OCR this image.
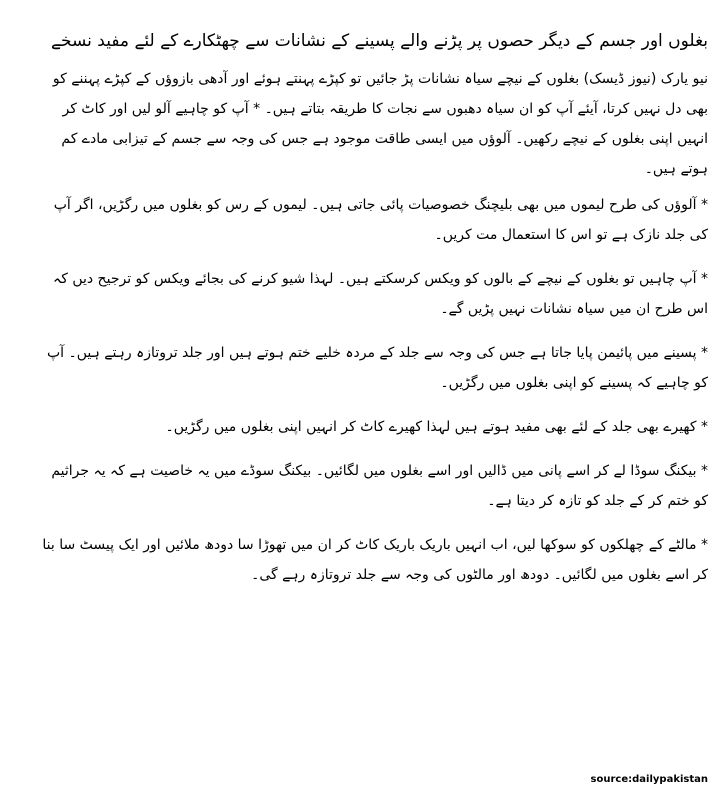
بغلوں اور جسم کے دیگر حصوں پر پڑنے والے پسینے کے نشانات سے چھٹکارے کے لئے مفید نسخے
نیو یارک (نیوز ڈیسک) بغلوں کے نیچے سیاہ نشانات پڑ جائیں تو کپڑے پہنتے ہوئے اور آدھی بازوؤں کے کپڑے پہننے کو بھی دل نہیں کرتا، آیئے آپ کو ان سیاہ دھبوں سے نجات کا طریقہ بتاتے ہیں۔ * آپ کو چاہیے آلو لیں اور کاٹ کر انہیں اپنی بغلوں کے نیچے رکھیں۔ آلوؤں میں ایسی طاقت موجود ہے جس کی وجہ سے جسم کے تیزابی مادے کم ہوتے ہیں۔
* آلوؤں کی طرح لیموں میں بھی بلیچنگ خصوصیات پائی جاتی ہیں۔ لیموں کے رس کو بغلوں میں رگڑیں، اگر آپ کی جلد نازک ہے تو اس کا استعمال مت کریں۔
* آپ چاہیں تو بغلوں کے نیچے کے بالوں کو ویکس کرسکتے ہیں۔ لہذا شیو کرنے کی بجائے ویکس کو ترجیح دیں کہ اس طرح ان میں سیاہ نشانات نہیں پڑیں گے۔
* پسینے میں پائیمن پایا جاتا ہے جس کی وجہ سے جلد کے مردہ خلیے ختم ہوتے ہیں اور جلد تروتازہ رہتے ہیں۔ آپ کو چاہیے کہ پسینے کو اپنی بغلوں میں رگڑیں۔
* کھیرے بھی جلد کے لئے بھی مفید ہوتے ہیں لہذا کھیرے کاٹ کر انہیں اپنی بغلوں میں رگڑیں۔
* بیکنگ سوڈا لے کر اسے پانی میں ڈالیں اور اسے بغلوں میں لگائیں۔ بیکنگ سوڈے میں یہ خاصیت ہے کہ یہ جراثیم کو ختم کر کے جلد کو تازہ کر دیتا ہے۔
* مالٹے کے چھلکوں کو سوکھا لیں، اب انہیں باریک باریک کاٹ کر ان میں تھوڑا سا دودھ ملائیں اور ایک پیسٹ سا بنا کر اسے بغلوں میں لگائیں۔ دودھ اور مالٹوں کی وجہ سے جلد تروتازہ رہے گی۔
source:dailypakistan
